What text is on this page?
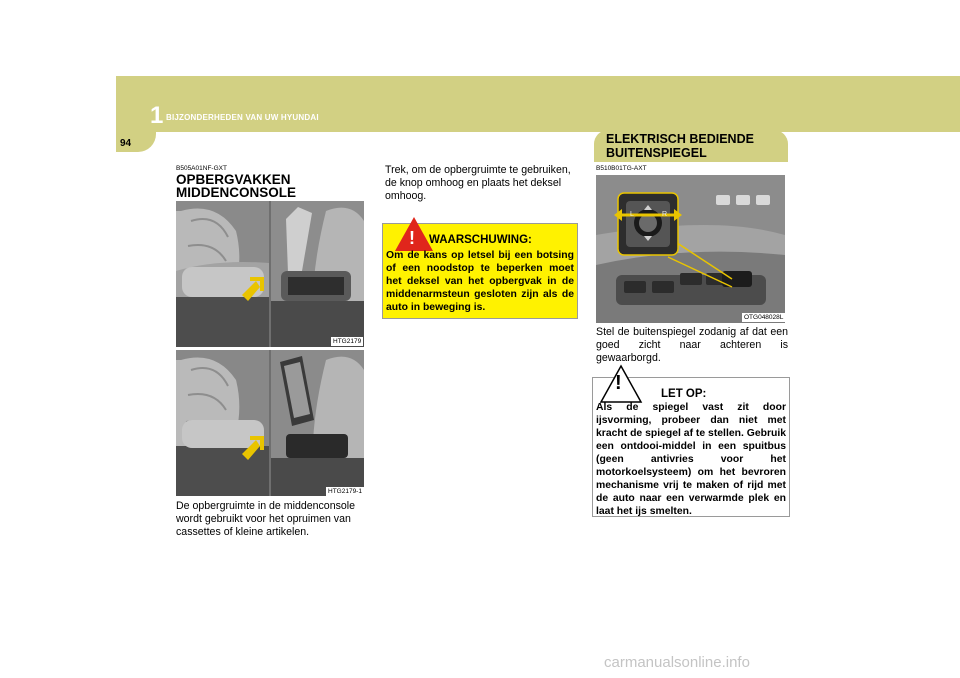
1 BIJZONDERHEDEN VAN UW HYUNDAI
94	ELEKTRISCH BEDIENDE
BUITENSPIEGEL
B505A01NF-GXT
OPBERGVAKKEN
MIDDENCONSOLE
HTG2179
HTG2179-1
De opbergruimte in de middenconsole wordt gebruikt voor het opruimen van cassettes of kleine artikelen.
Trek, om de opbergruimte te gebruiken, de knop omhoog en plaats het deksel omhoog.
! WAARSCHUWING:
Om de kans op letsel bij een botsing of een noodstop te beperken moet het deksel van het opbergvak in de middenarmsteun gesloten zijn als de auto in beweging is.
B510B01TG-AXT
L	R
OTG048028L
Stel de buitenspiegel zodanig af dat een goed zicht naar achteren is gewaarborgd.
!	LET OP:
Als de spiegel vast zit door ijsvorming, probeer dan niet met kracht de spiegel af te stellen. Gebruik een ontdooi-middel in een spuitbus (geen antivries voor het motorkoelsysteem) om het bevroren mechanisme vrij te maken of rijd met de auto naar een verwarmde plek en laat het ijs smelten.
carmanualsonline.info
